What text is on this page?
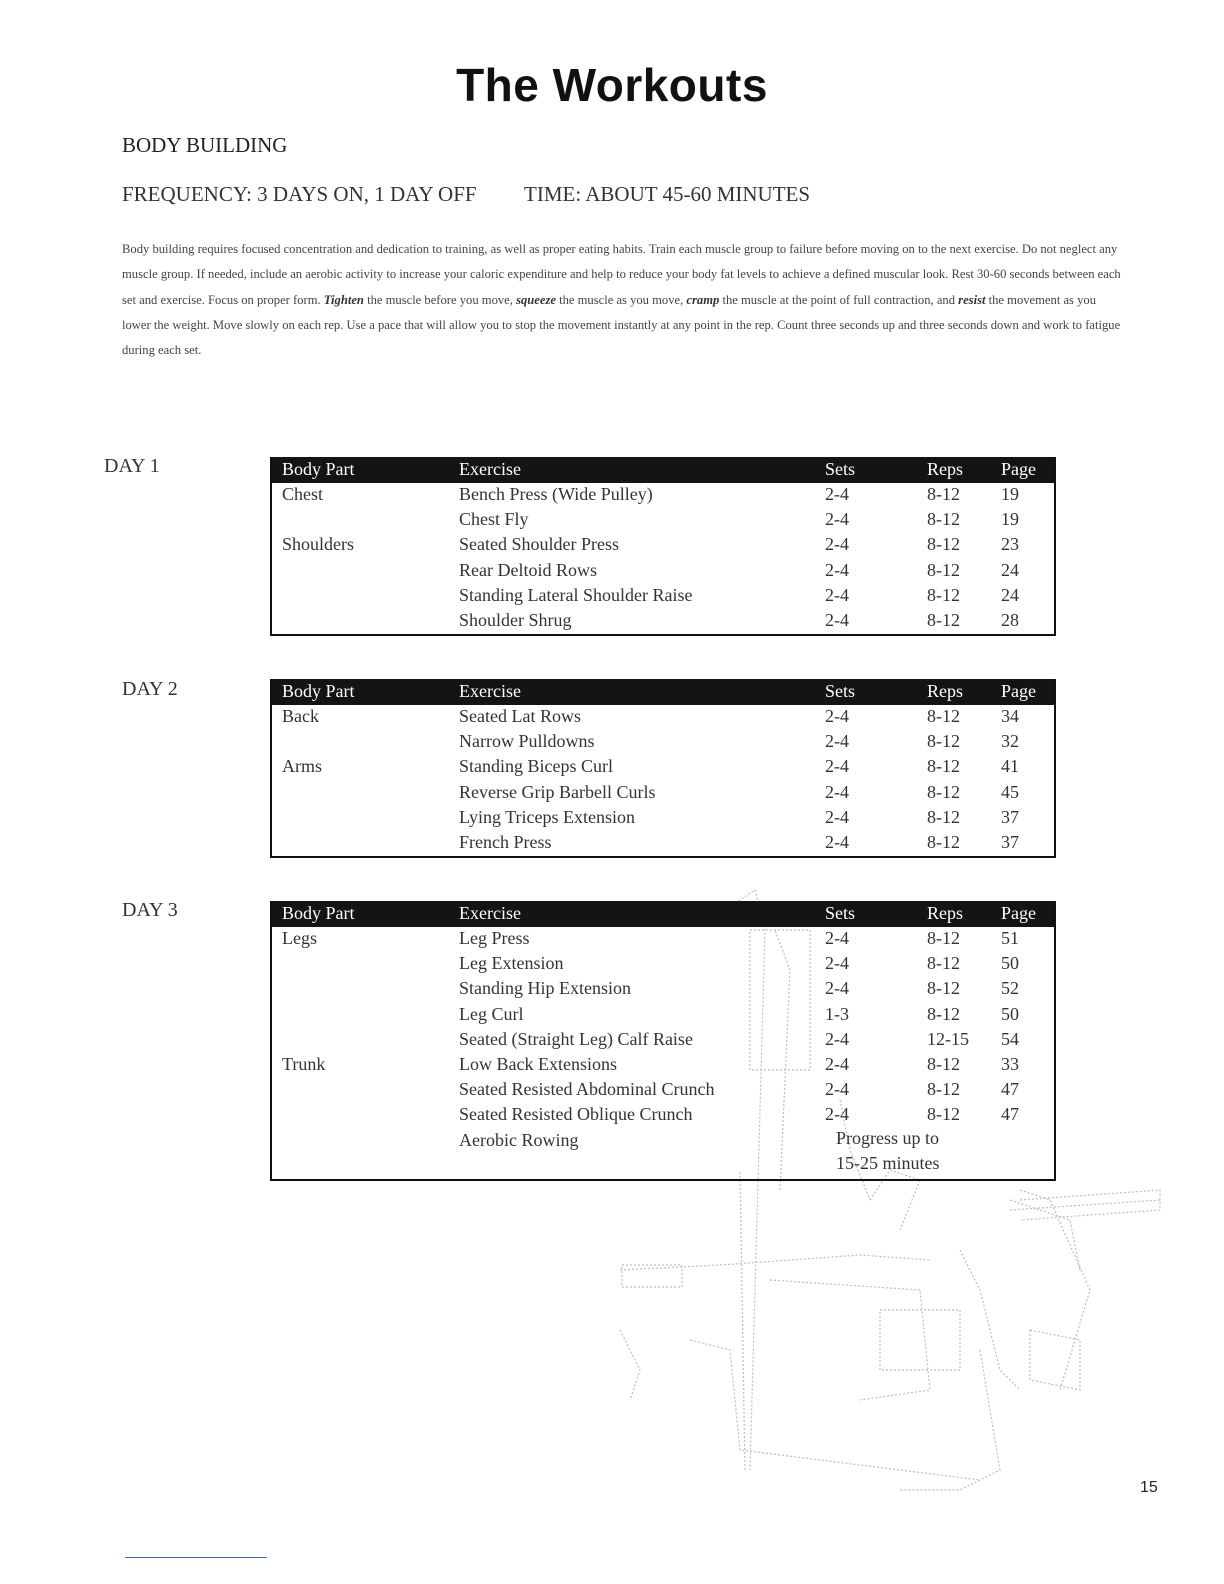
The Workouts
BODY BUILDING
FREQUENCY: 3 DAYS ON, 1 DAY OFF TIME: ABOUT 45-60 MINUTES

Body building requires focused concentration and dedication to training, as well as proper eating habits. Train each muscle group to failure before moving on to the next exercise. Do not neglect any muscle group. If needed, include an aerobic activity to increase your caloric expenditure and help to reduce your body fat levels to achieve a defined muscular look. Rest 30-60 seconds between each set and exercise. Focus on proper form. Tighten the muscle before you move, squeeze the muscle as you move, cramp the muscle at the point of full contraction, and resist the movement as you lower the weight. Move slowly on each rep. Use a pace that will allow you to stop the movement instantly at any point in the rep. Count three seconds up and three seconds down and work to fatigue during each set.

DAY 1	Body Part	Exercise	Sets	Reps Page
Chest	Bench Press (Wide Pulley)	2-4	8-12 19
Chest Fly	2-4	8-12 19
Shoulders	Seated Shoulder Press	2-4	8-12 23
Rear Deltoid Rows	2-4	8-12 24
Standing Lateral Shoulder Raise	2-4	8-12 24
Shoulder Shrug	2-4	8-12 28
DAY 2	Body Part	Exercise	Sets	Reps Page
Back	Seated Lat Rows	2-4	8-12 34
Narrow Pulldowns	2-4	8-12 32
Arms	Standing Biceps Curl	2-4	8-12 41
Reverse Grip Barbell Curls	2-4	8-12 45
Lying Triceps Extension	2-4	8-12 37
French Press	2-4	8-12 37
DAY 3	Body Part	Exercise	Sets	Reps Page
Legs	Leg Press	2-4	8-12 51
Leg Extension	2-4	8-12 50
Standing Hip Extension	2-4	8-12 52
Leg Curl	1-3	8-12 50
Seated (Straight Leg) Calf Raise	2-4	12-15 54
Trunk	Low Back Extensions	2-4	8-12 33
Seated Resisted Abdominal Crunch	2-4	8-12 47
Seated Resisted Oblique Crunch	2-4	8-12 47
Aerobic Rowing	Progress up to
15-25 minutes
15
